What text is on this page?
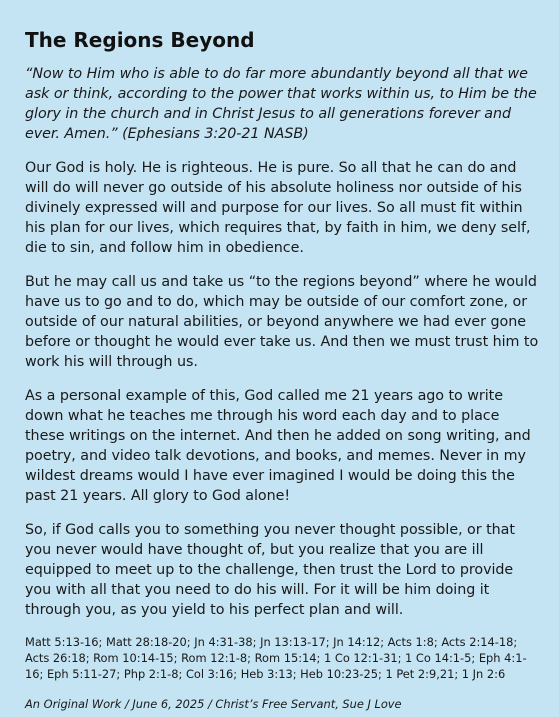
The Regions Beyond

“Now to Him who is able to do far more abundantly beyond all that we ask or think, according to the power that works within us, to Him be the glory in the church and in Christ Jesus to all generations forever and ever. Amen.” (Ephesians 3:20-21 NASB)

Our God is holy. He is righteous. He is pure. So all that he can do and will do will never go outside of his absolute holiness nor outside of his divinely expressed will and purpose for our lives. So all must fit within his plan for our lives, which requires that, by faith in him, we deny self, die to sin, and follow him in obedience.

But he may call us and take us “to the regions beyond” where he would have us to go and to do, which may be outside of our comfort zone, or outside of our natural abilities, or beyond anywhere we had ever gone before or thought he would ever take us. And then we must trust him to work his will through us.

As a personal example of this, God called me 21 years ago to write down what he teaches me through his word each day and to place these writings on the internet. And then he added on song writing, and poetry, and video talk devotions, and books, and memes. Never in my wildest dreams would I have ever imagined I would be doing this the past 21 years. All glory to God alone!

So, if God calls you to something you never thought possible, or that you never would have thought of, but you realize that you are ill equipped to meet up to the challenge, then trust the Lord to provide you with all that you need to do his will. For it will be him doing it through you, as you yield to his perfect plan and will.

Matt 5:13-16; Matt 28:18-20; Jn 4:31-38; Jn 13:13-17; Jn 14:12; Acts 1:8; Acts 2:14-18; Acts 26:18; Rom 10:14-15; Rom 12:1-8; Rom 15:14; 1 Co 12:1-31; 1 Co 14:1-5; Eph 4:1-16; Eph 5:11-27; Php 2:1-8; Col 3:16; Heb 3:13; Heb 10:23-25; 1 Pet 2:9,21; 1 Jn 2:6

An Original Work / June 6, 2025 / Christ’s Free Servant, Sue J Love
